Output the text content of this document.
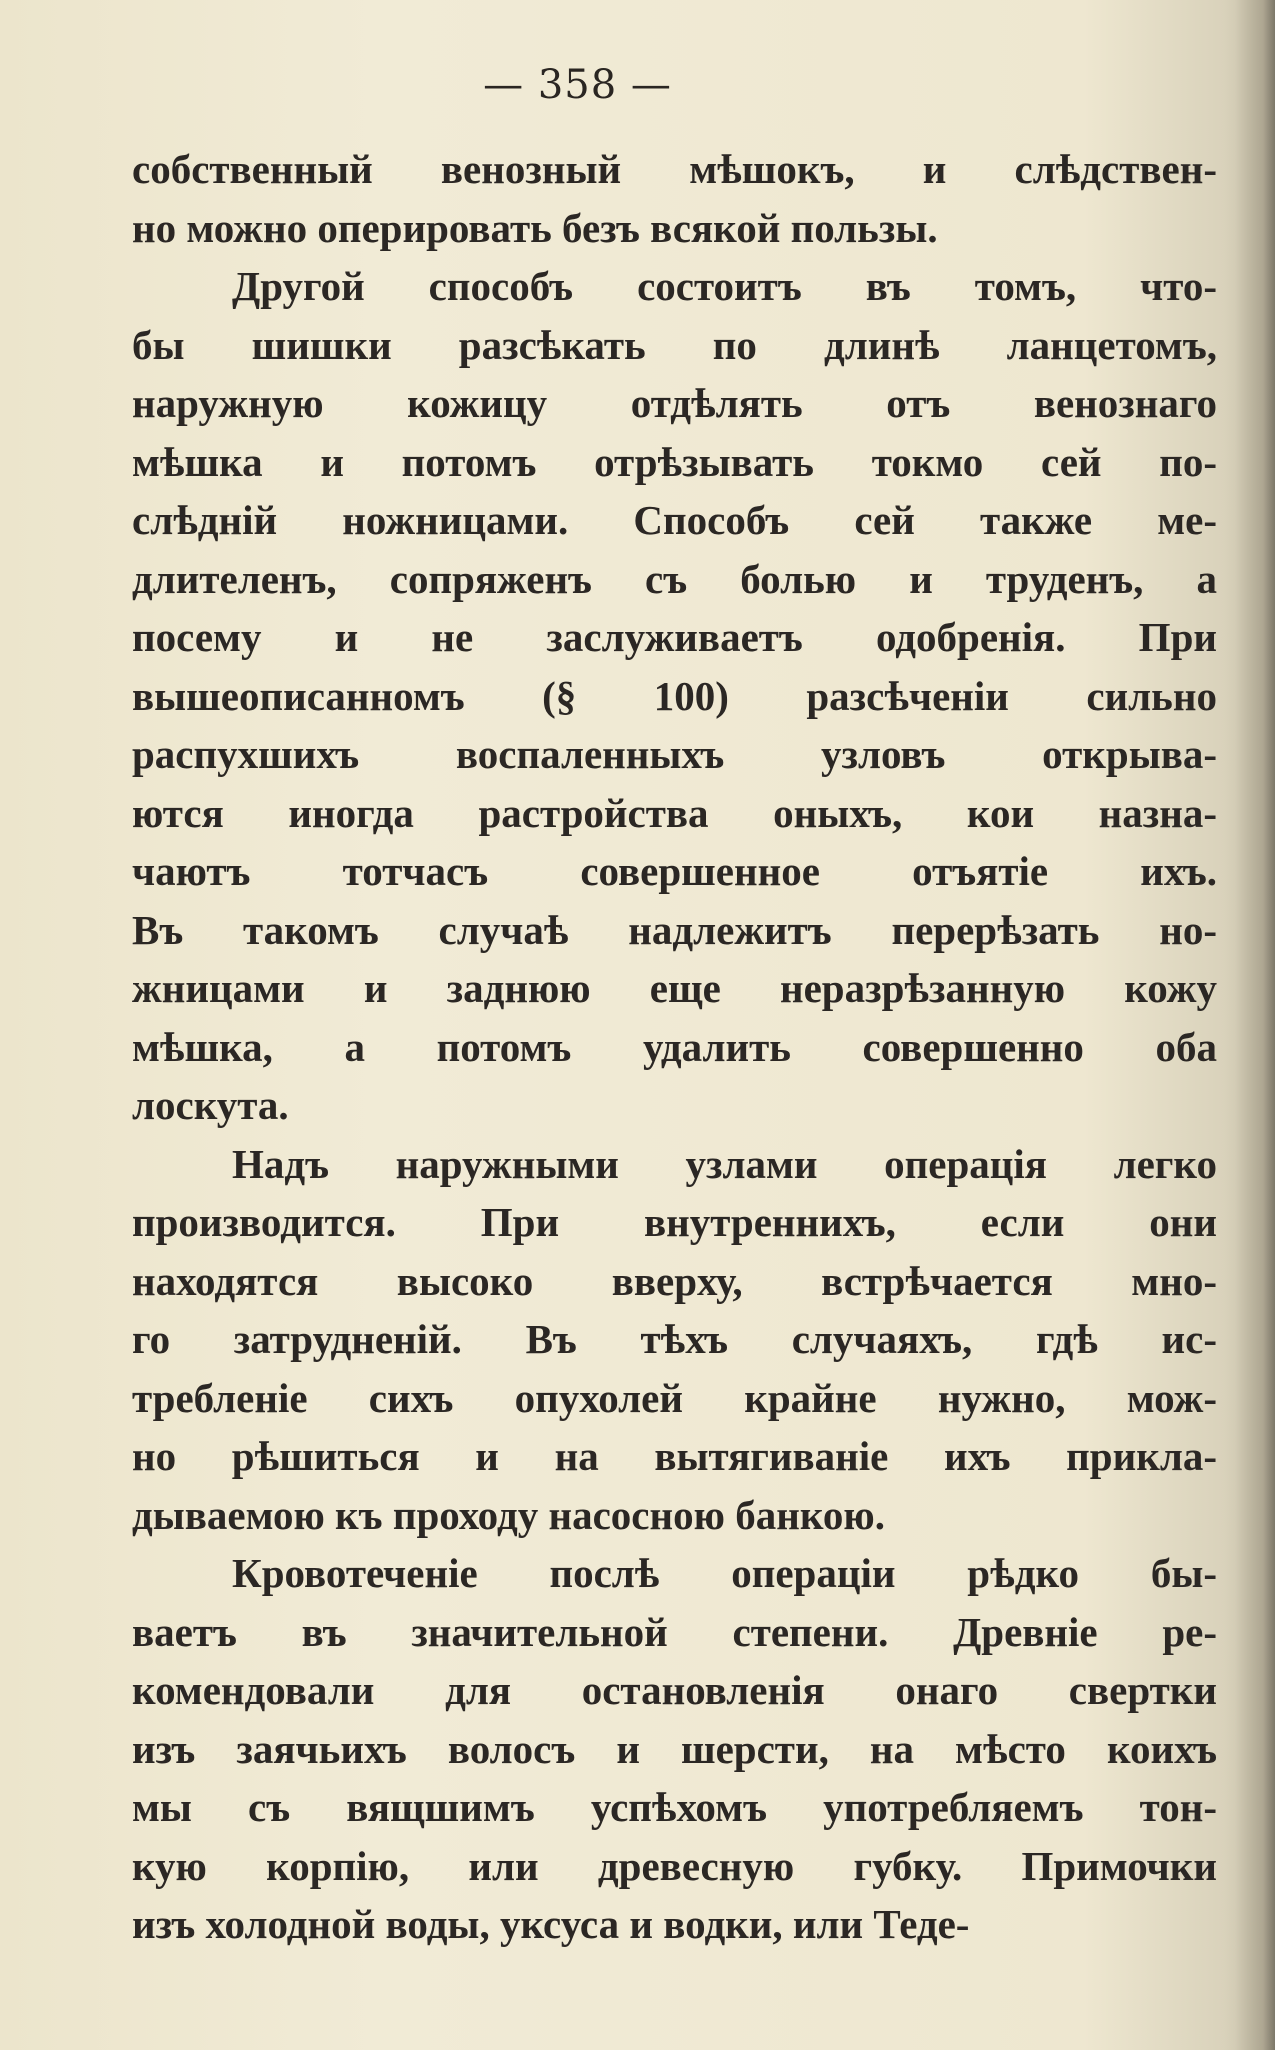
— 358 —
собственный венозный мѣшокъ, и слѣдствен-
но можно оперировать безъ всякой пользы.
Другой способъ состоитъ въ томъ, что-
бы шишки разсѣкать по длинѣ ланцетомъ,
наружную кожицу отдѣлять отъ венознаго
мѣшка и потомъ отрѣзывать токмо сей по-
слѣдній ножницами. Способъ сей также ме-
длителенъ, сопряженъ съ болью и труденъ, а
посему и не заслуживаетъ одобренія. При
вышеописанномъ (§ 100) разсѣченіи сильно
распухшихъ воспаленныхъ узловъ открыва-
ются иногда растройства оныхъ, кои назна-
чаютъ тотчасъ совершенное отъятіе ихъ.
Въ такомъ случаѣ надлежитъ перерѣзать но-
жницами и заднюю еще неразрѣзанную кожу
мѣшка, а потомъ удалить совершенно оба
лоскута.
Надъ наружными узлами операція легко
производится. При внутреннихъ, если они
находятся высоко вверху, встрѣчается мно-
го затрудненій. Въ тѣхъ случаяхъ, гдѣ ис-
требленіе сихъ опухолей крайне нужно, мож-
но рѣшиться и на вытягиваніе ихъ прикла-
дываемою къ проходу насосною банкою.
Кровотеченіе послѣ операціи рѣдко бы-
ваетъ въ значительной степени. Древніе ре-
комендовали для остановленія онаго свертки
изъ заячьихъ волосъ и шерсти, на мѣсто коихъ
мы съ вящшимъ успѣхомъ употребляемъ тон-
кую корпію, или древесную губку. Примочки
изъ холодной воды, уксуса и водки, или Теде-
